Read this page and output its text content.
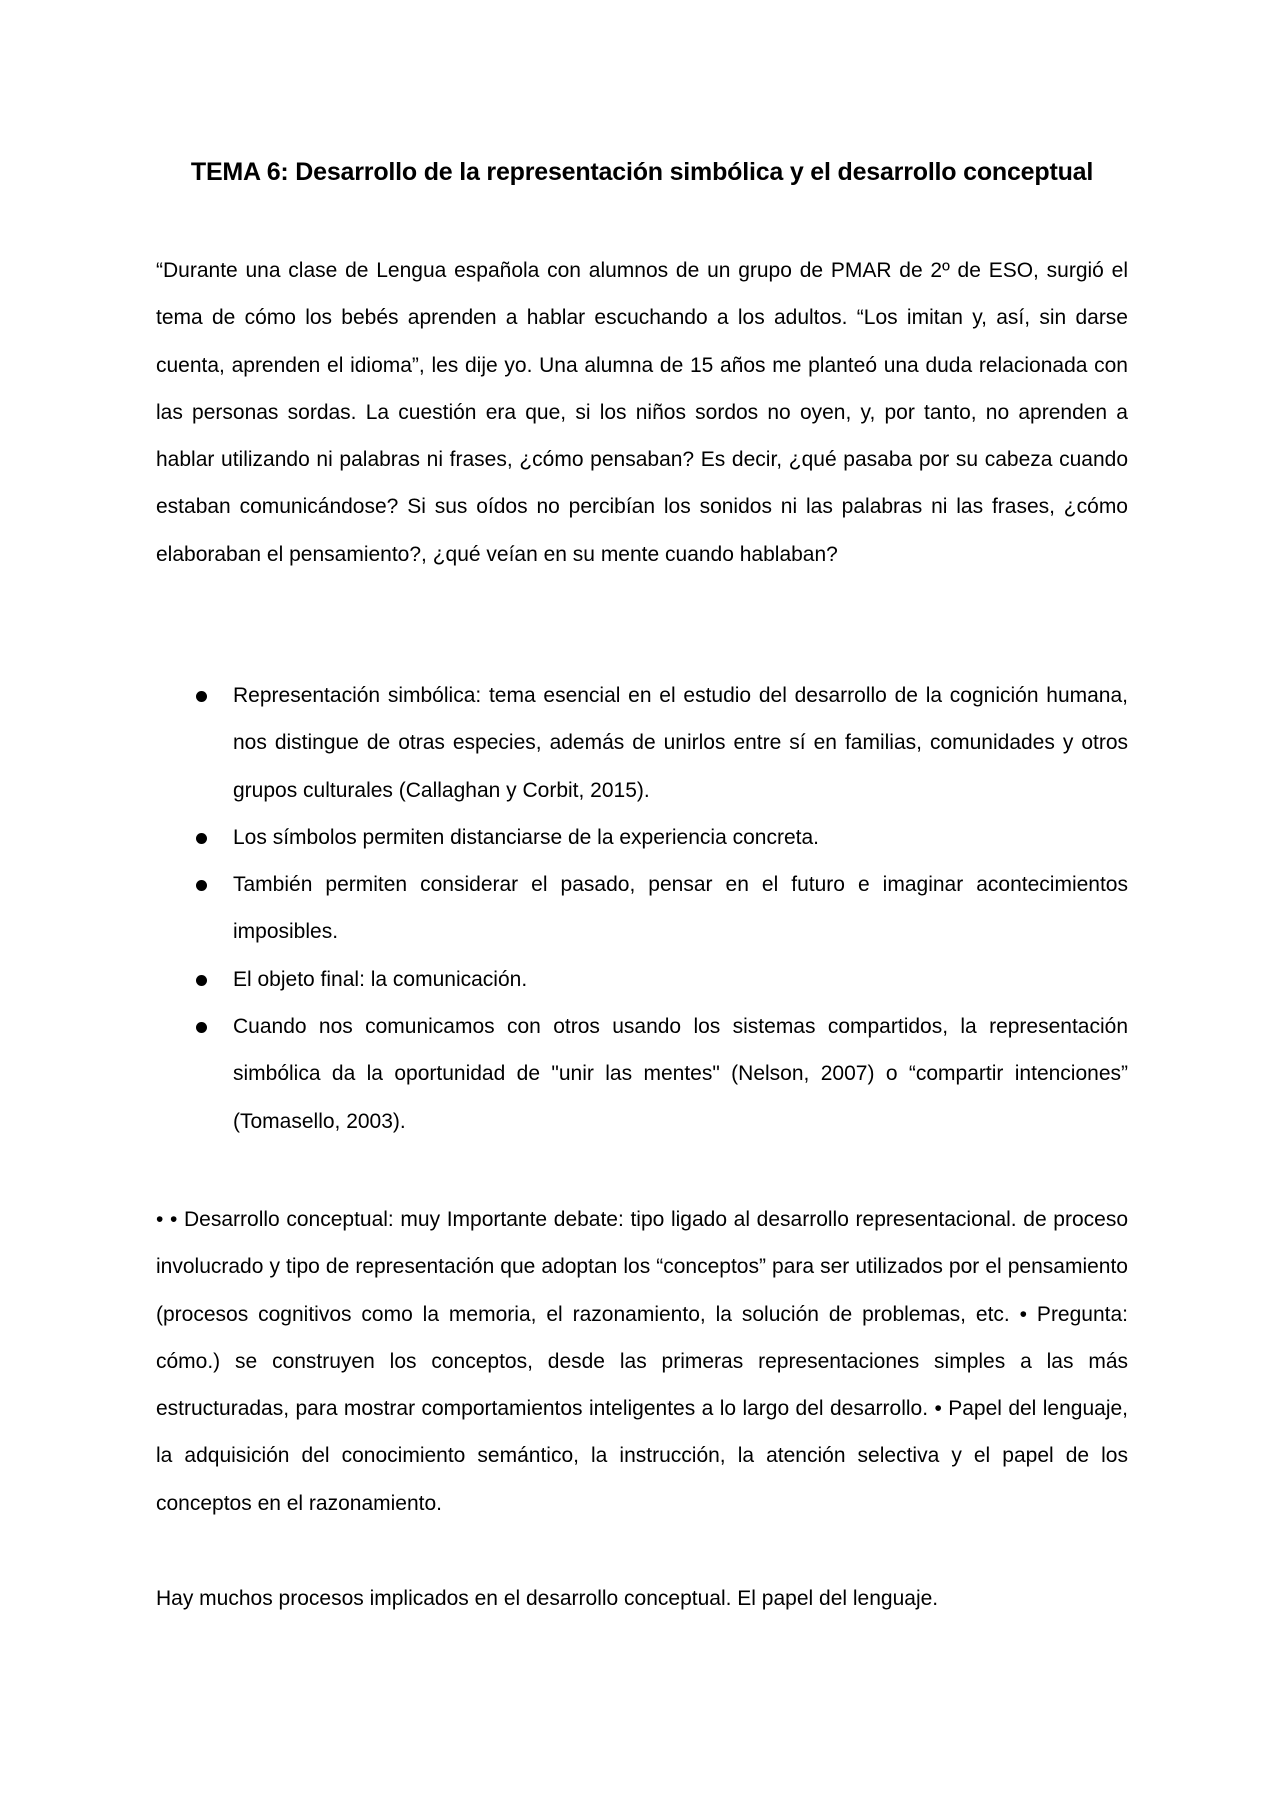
TEMA 6: Desarrollo de la representación simbólica y el desarrollo conceptual

“Durante una clase de Lengua española con alumnos de un grupo de PMAR de 2º de ESO, surgió el tema de cómo los bebés aprenden a hablar escuchando a los adultos. “Los imitan y, así, sin darse cuenta, aprenden el idioma”, les dije yo. Una alumna de 15 años me planteó una duda relacionada con las personas sordas. La cuestión era que, si los niños sordos no oyen, y, por tanto, no aprenden a hablar utilizando ni palabras ni frases, ¿cómo pensaban? Es decir, ¿qué pasaba por su cabeza cuando estaban comunicándose? Si sus oídos no percibían los sonidos ni las palabras ni las frases, ¿cómo elaboraban el pensamiento?, ¿qué veían en su mente cuando hablaban?

Representación simbólica: tema esencial en el estudio del desarrollo de la cognición humana, nos distingue de otras especies, además de unirlos entre sí en familias, comunidades y otros grupos culturales (Callaghan y Corbit, 2015).
Los símbolos permiten distanciarse de la experiencia concreta.
También permiten considerar el pasado, pensar en el futuro e imaginar acontecimientos imposibles.
El objeto final: la comunicación.
Cuando nos comunicamos con otros usando los sistemas compartidos, la representación simbólica da la oportunidad de "unir las mentes" (Nelson, 2007) o “compartir intenciones” (Tomasello, 2003).

• • Desarrollo conceptual: muy Importante debate: tipo ligado al desarrollo representacional. de proceso involucrado y tipo de representación que adoptan los “conceptos” para ser utilizados por el pensamiento (procesos cognitivos como la memoria, el razonamiento, la solución de problemas, etc. • Pregunta: cómo.) se construyen los conceptos, desde las primeras representaciones simples a las más estructuradas, para mostrar comportamientos inteligentes a lo largo del desarrollo. • Papel del lenguaje, la adquisición del conocimiento semántico, la instrucción, la atención selectiva y el papel de los conceptos en el razonamiento.

Hay muchos procesos implicados en el desarrollo conceptual. El papel del lenguaje.
